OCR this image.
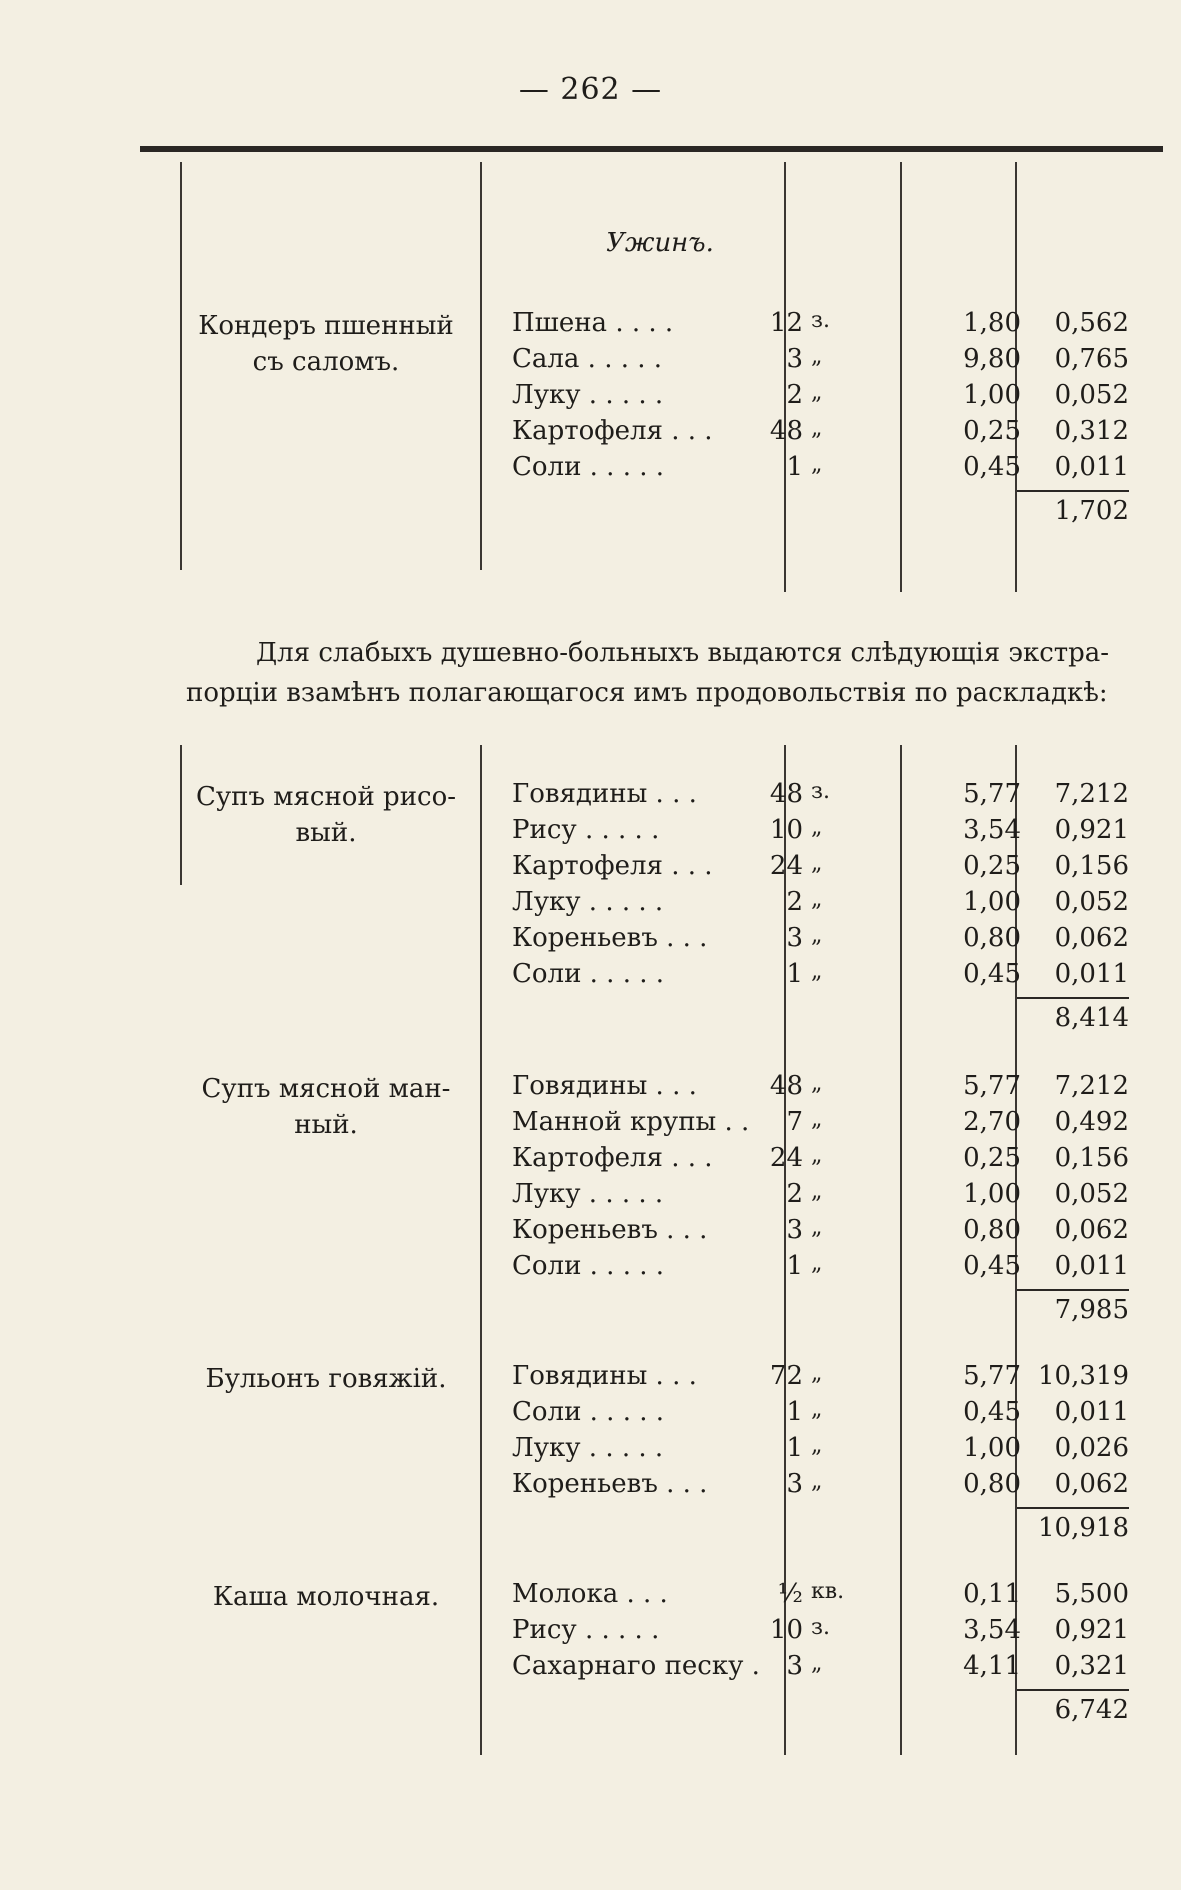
— 262 —
Ужинъ.
Кондеръ пшенный
съ саломъ.
Пшена . . . .	12 з.	1,80 0,562
Сала . . . . .	3 „	9,80 0,765
Луку . . . . .	2 „	1,00 0,052
Картофеля . . . 48 „	0,25 0,312
Соли . . . . .	1 „	0,45 0,011
1,702
Для слабыхъ душевно-больныхъ выдаются слѣдующія экстра-
порціи взамѣнъ полагающагося имъ продовольствія по раскладкѣ:
Супъ мясной рисо-
вый.
Говядины . . .	48 з.	5,77 7,212
Рису . . . . .	10 „	3,54 0,921
Картофеля . . . 24 „	0,25 0,156
Луку . . . . .	2 „	1,00 0,052
Кореньевъ . . .	3 „	0,80 0,062
Соли . . . . .	1 „	0,45 0,011
8,414
Супъ мясной ман-
ный.
Говядины . . .	48 „	5,77 7,212
Манной крупы . . 7 „	2,70 0,492
Картофеля . . . 24 „	0,25 0,156
Луку . . . . .	2 „	1,00 0,052
Кореньевъ . . .	3 „	0,80 0,062
Соли . . . . .	1 „	0,45 0,011
7,985
Бульонъ говяжій.	Говядины . . .	72 „	5,77 10,319
Соли . . . . .	1 „	0,45 0,011
Луку . . . . .	1 „	1,00 0,026
Кореньевъ . . .	3 „	0,80 0,062
10,918
Каша молочная.	Молока . . .	½ кв.	0,11 5,500
Рису . . . . .	10 з.	3,54 0,921
Сахарнаго песку . 3 „	4,11 0,321
6,742
